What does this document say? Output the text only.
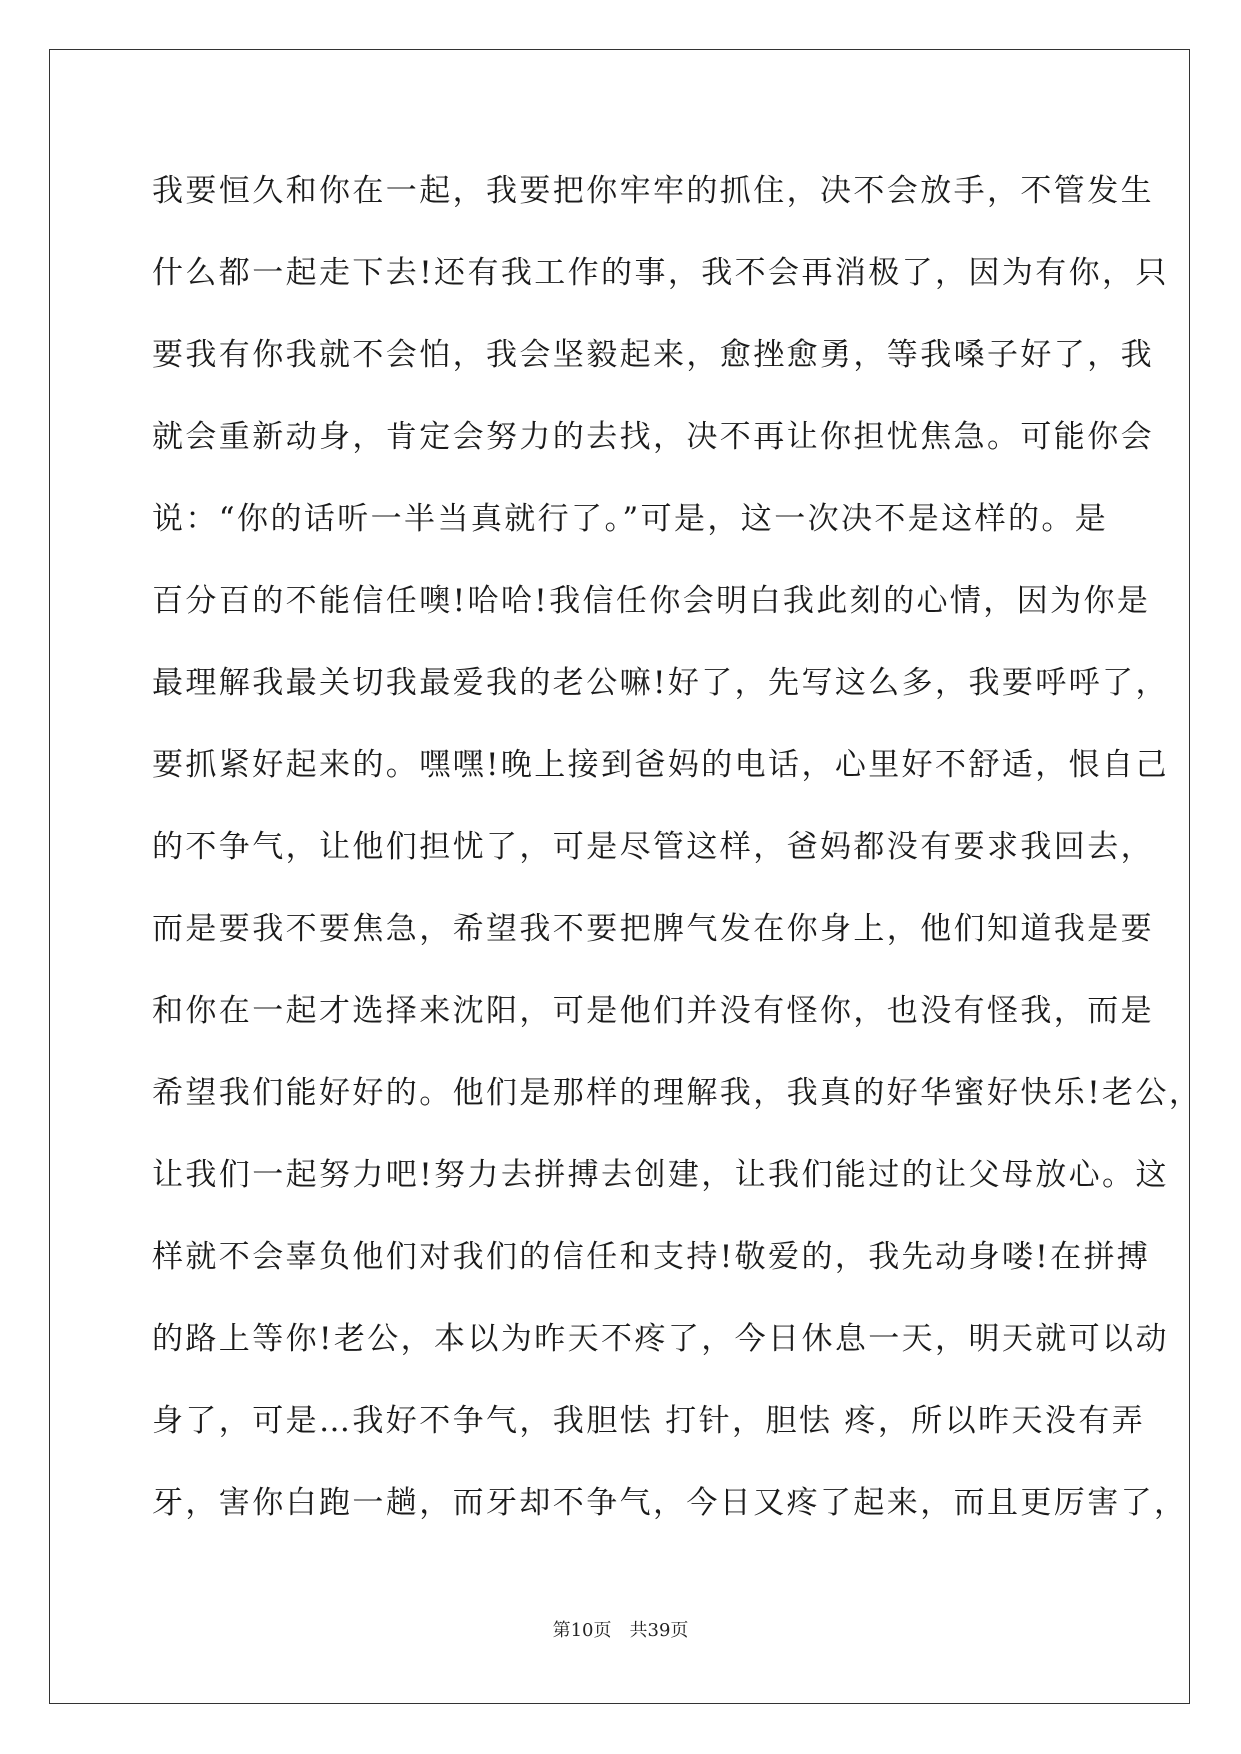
我要恒久和你在一起，我要把你牢牢的抓住，决不会放手，不管发生
什么都一起走下去!还有我工作的事，我不会再消极了，因为有你，只
要我有你我就不会怕，我会坚毅起来，愈挫愈勇，等我嗓子好了，我
就会重新动身，肯定会努力的去找，决不再让你担忧焦急。可能你会
说：“你的话听一半当真就行了。”可是，这一次决不是这样的。是
百分百的不能信任噢!哈哈!我信任你会明白我此刻的心情，因为你是
最理解我最关切我最爱我的老公嘛!好了，先写这么多，我要呼呼了，
要抓紧好起来的。嘿嘿!晚上接到爸妈的电话，心里好不舒适，恨自己
的不争气，让他们担忧了，可是尽管这样，爸妈都没有要求我回去，
而是要我不要焦急，希望我不要把脾气发在你身上，他们知道我是要
和你在一起才选择来沈阳，可是他们并没有怪你，也没有怪我，而是
希望我们能好好的。他们是那样的理解我，我真的好华蜜好快乐!老公，
让我们一起努力吧!努力去拼搏去创建，让我们能过的让父母放心。这
样就不会辜负他们对我们的信任和支持!敬爱的，我先动身喽!在拼搏
的路上等你!老公，本以为昨天不疼了，今日休息一天，明天就可以动
身了，可是…我好不争气，我胆怯 打针，胆怯 疼，所以昨天没有弄
牙，害你白跑一趟，而牙却不争气，今日又疼了起来，而且更厉害了，
第10页 共39页
